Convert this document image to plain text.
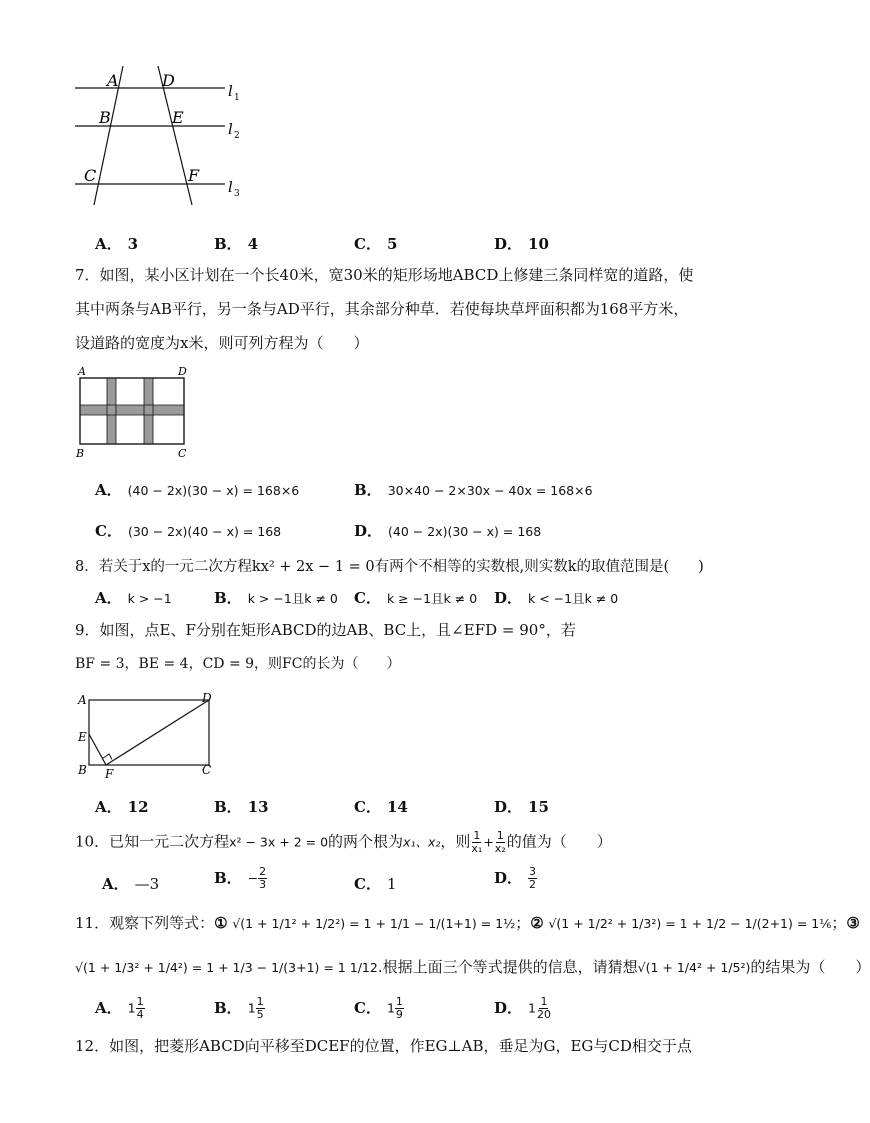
A	D
B	E
C	F
l 1
l 2
l 3
A． 3	B． 4	C． 5	D． 10
7．如图，某小区计划在一个长40米，宽30米的矩形场地ABCD上修建三条同样宽的道路，使
其中两条与AB平行，另一条与AD平行，其余部分种草．若使每块草坪面积都为168平方米，
设道路的宽度为x米，则可列方程为（　　）
A	D
B	C
A． (40 − 2x)(30 − x) = 168×6	B． 30×40 − 2×30x − 40x = 168×6
C． (30 − 2x)(40 − x) = 168	D． (40 − 2x)(30 − x) = 168
8．若关于x的一元二次方程kx² + 2x − 1 = 0有两个不相等的实数根,则实数k的取值范围是(　　)
A． k > −1	B． k > −1且k ≠ 0 C． k ≥ −1且k ≠ 0 D． k < −1且k ≠ 0
9．如图，点E、F分别在矩形ABCD的边AB、BC上，且∠EFD = 90°，若
BF = 3，BE = 4，CD = 9，则FC的长为（　　）
A	D
E
B F	C
A． 12	B． 13	C． 14	D． 15
10．已知一元二次方程x² − 3x + 2 = 0的两个根为x₁、x₂，则 $\frac{1}{\text{x₁}} + \frac{1}{\text{x₂}}$ 的值为（　　）
A． —3	B． − $\frac{2}{3}$	C． 1	D． $\frac{3}{2}$
11．观察下列等式：① √(1 + 1/1² + 1/2²) = 1 + 1/1 − 1/(1+1) = 1½；② √(1 + 1/2² + 1/3²) = 1 + 1/2 − 1/(2+1) = 1⅙；③
√(1 + 1/3² + 1/4²) = 1 + 1/3 − 1/(3+1) = 1 1/12.根据上面三个等式提供的信息，请猜想√(1 + 1/4² + 1/5²)的结果为（　　）
A． $1 \frac{1}{4}$	B． $1 \frac{1}{5}$	C． $1 \frac{1}{9}$	D． $1 \frac{1}{20}$
12．如图，把菱形ABCD向平移至DCEF的位置，作EG⊥AB，垂足为G，EG与CD相交于点
